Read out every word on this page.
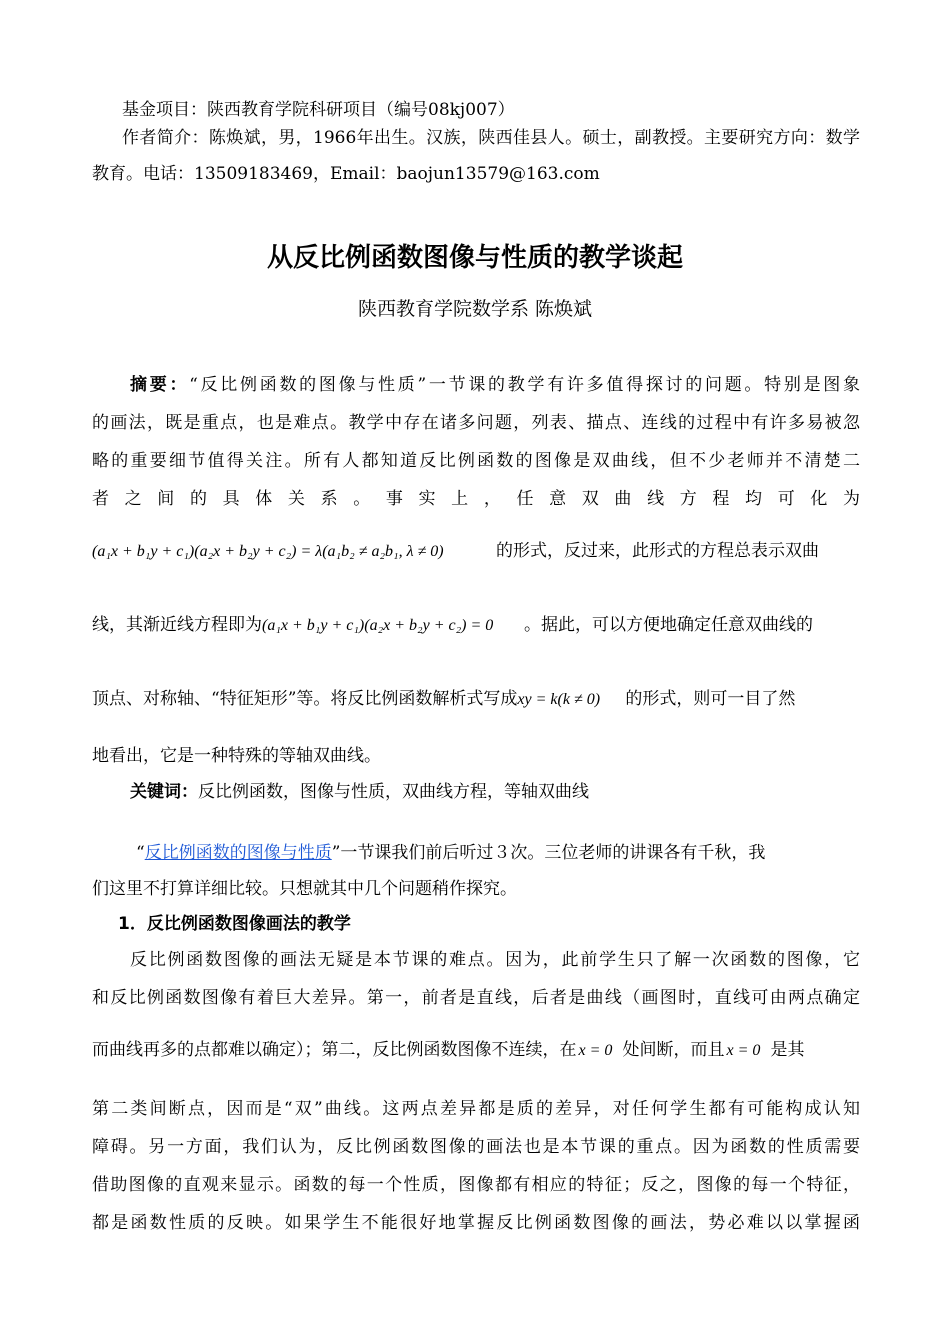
基金项目：陕西教育学院科研项目（编号08kj007）
作者简介：陈焕斌，男，1966年出生。汉族，陕西佳县人。硕士，副教授。主要研究方向：数学
教育。电话：13509183469，Email：baojun13579@163.com
从反比例函数图像与性质的教学谈起
陕西教育学院数学系 陈焕斌
摘要：“反比例函数的图像与性质”一节课的教学有许多值得探讨的问题。特别是图象
的画法，既是重点，也是难点。教学中存在诸多问题，列表、描点、连线的过程中有许多易被忽
略的重要细节值得关注。所有人都知道反比例函数的图像是双曲线，但不少老师并不清楚二
者之间的具体关系。事实上，任意双曲线方程均可化为
(a₁x + b₁y + c₁)(a₂x + b₂y + c₂) = λ(a₁b₂ ≠ a₂b₁, λ ≠ 0)	的形式，反过来，此形式的方程总表示双曲
线，其渐近线方程即为(a₁x + b₁y + c₁)(a₂x + b₂y + c₂) = 0 。据此，可以方便地确定任意双曲线的
顶点、对称轴、“特征矩形”等。将反比例函数解析式写成xy = k(k ≠ 0) 的形式，则可一目了然
地看出，它是一种特殊的等轴双曲线。
关键词：反比例函数，图像与性质，双曲线方程，等轴双曲线
“反比例函数的图像与性质”一节课我们前后听过３次。三位老师的讲课各有千秋，我
们这里不打算详细比较。只想就其中几个问题稍作探究。
1．反比例函数图像画法的教学
反比例函数图像的画法无疑是本节课的难点。因为，此前学生只了解一次函数的图像，它
和反比例函数图像有着巨大差异。第一，前者是直线，后者是曲线（画图时，直线可由两点确定
而曲线再多的点都难以确定）；第二，反比例函数图像不连续，在 x = 0 处间断，而且 x = 0 是其
第二类间断点，因而是“双”曲线。这两点差异都是质的差异，对任何学生都有可能构成认知
障碍。另一方面，我们认为，反比例函数图像的画法也是本节课的重点。因为函数的性质需要
借助图像的直观来显示。函数的每一个性质，图像都有相应的特征；反之，图像的每一个特征，
都是函数性质的反映。如果学生不能很好地掌握反比例函数图像的画法，势必难以以掌握函
